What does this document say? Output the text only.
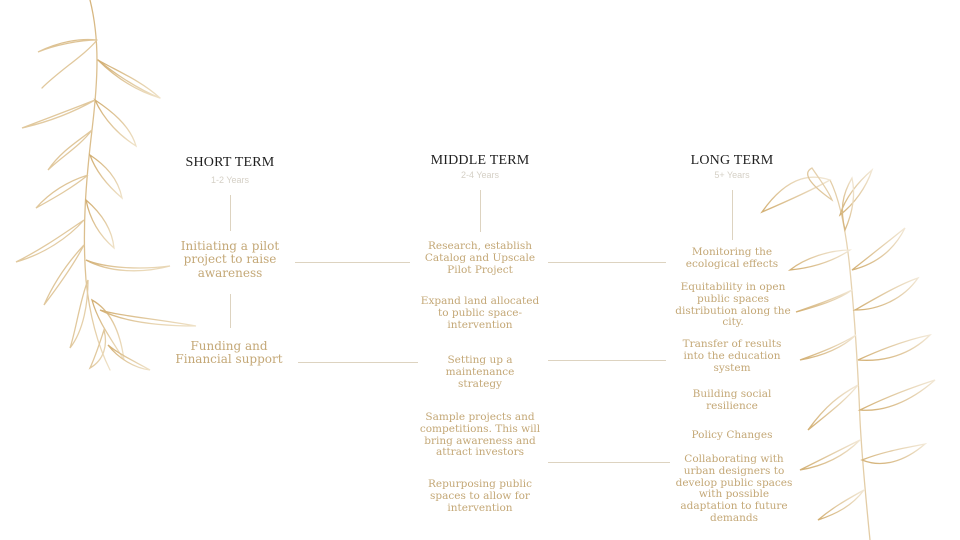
SHORT TERM
1-2 Years
MIDDLE TERM
2-4 Years
LONG TERM
5+ Years
Initiating a pilot project to raise awareness
Funding and Financial support
Research, establish Catalog and Upscale Pilot Project
Expand land allocated to public space-intervention
Setting up a maintenance strategy
Sample projects and competitions. This will bring awareness and attract investors
Repurposing public spaces to allow for intervention
Monitoring the ecological effects
Equitability in open public spaces distribution along the city.
Transfer of results into the education system
Building social resilience
Policy Changes
Collaborating with urban designers to develop public spaces with possible adaptation to future demands
